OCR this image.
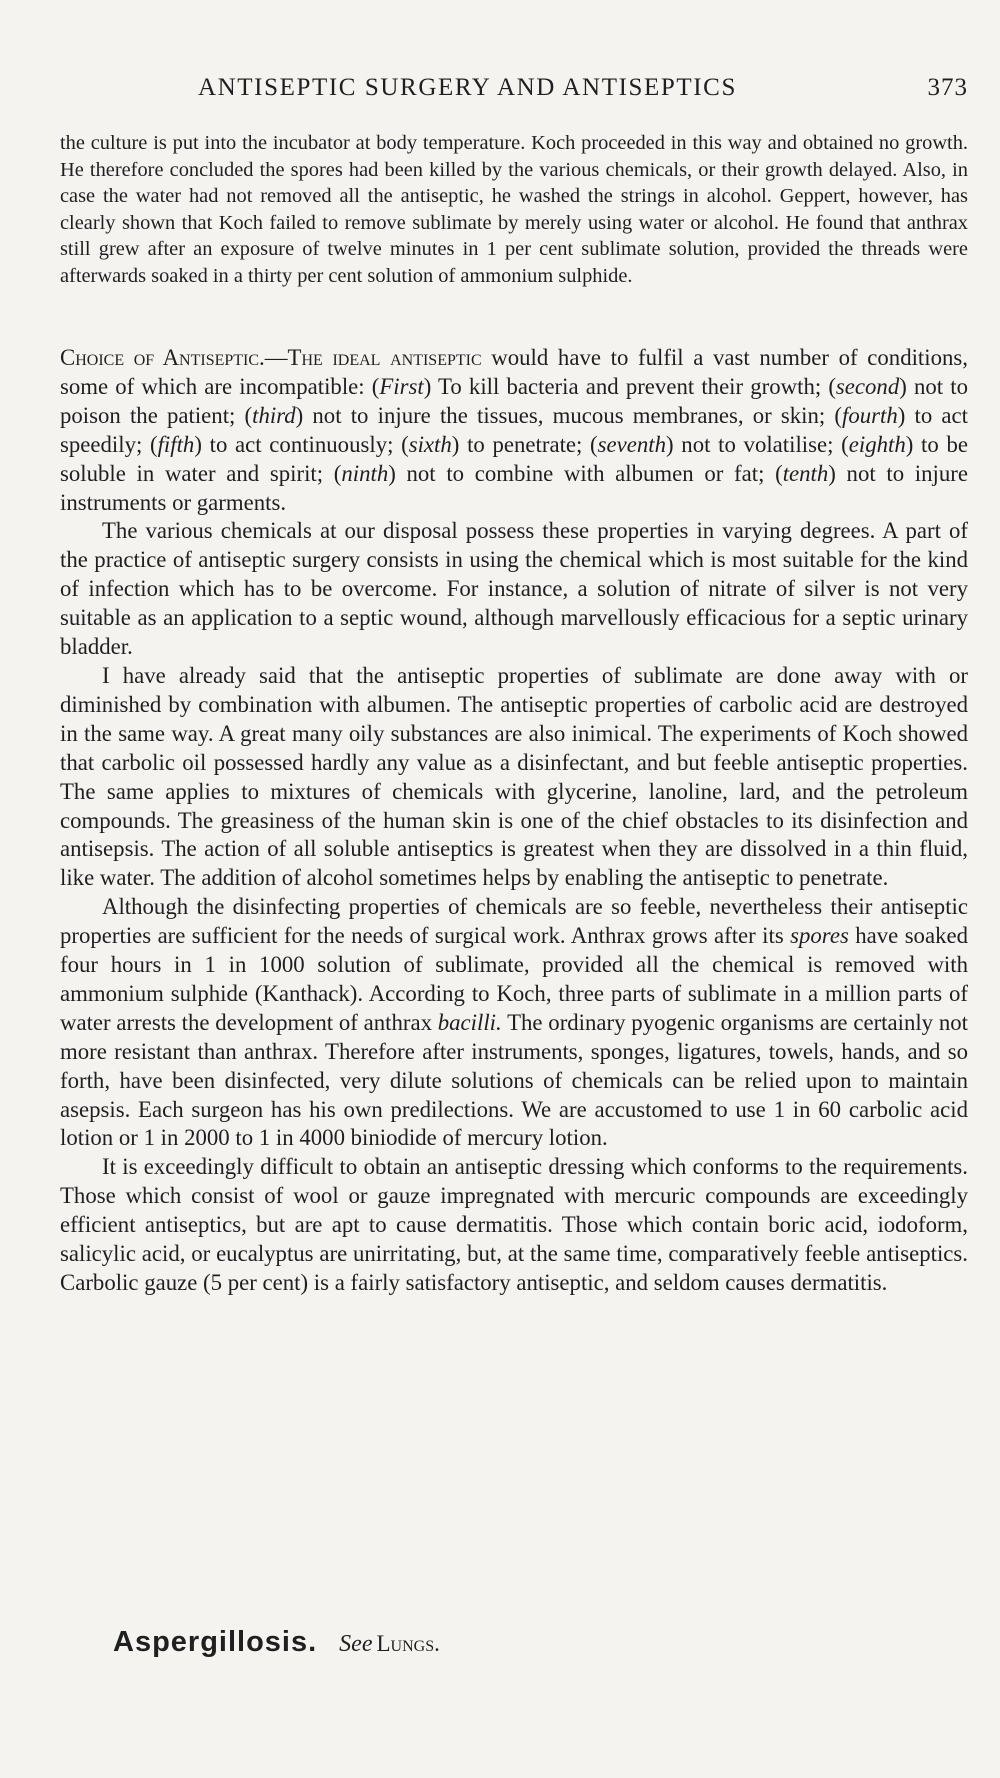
ANTISEPTIC SURGERY AND ANTISEPTICS	373

the culture is put into the incubator at body temperature. Koch proceeded in this way and obtained no growth. He therefore concluded the spores had been killed by the various chemicals, or their growth delayed. Also, in case the water had not removed all the antiseptic, he washed the strings in alcohol. Geppert, however, has clearly shown that Koch failed to remove sublimate by merely using water or alcohol. He found that anthrax still grew after an exposure of twelve minutes in 1 per cent sublimate solution, provided the threads were afterwards soaked in a thirty per cent solution of ammonium sulphide.

Choice of Antiseptic.—The ideal antiseptic would have to fulfil a vast number of conditions, some of which are incompatible: (First) To kill bacteria and prevent their growth; (second) not to poison the patient; (third) not to injure the tissues, mucous membranes, or skin; (fourth) to act speedily; (fifth) to act continuously; (sixth) to penetrate; (seventh) not to volatilise; (eighth) to be soluble in water and spirit; (ninth) not to combine with albumen or fat; (tenth) not to injure instruments or garments.

The various chemicals at our disposal possess these properties in varying degrees. A part of the practice of antiseptic surgery consists in using the chemical which is most suitable for the kind of infection which has to be overcome. For instance, a solution of nitrate of silver is not very suitable as an application to a septic wound, although marvellously efficacious for a septic urinary bladder.

I have already said that the antiseptic properties of sublimate are done away with or diminished by combination with albumen. The antiseptic properties of carbolic acid are destroyed in the same way. A great many oily substances are also inimical. The experiments of Koch showed that carbolic oil possessed hardly any value as a disinfectant, and but feeble antiseptic properties. The same applies to mixtures of chemicals with glycerine, lanoline, lard, and the petroleum compounds. The greasiness of the human skin is one of the chief obstacles to its disinfection and antisepsis. The action of all soluble antiseptics is greatest when they are dissolved in a thin fluid, like water. The addition of alcohol sometimes helps by enabling the antiseptic to penetrate.

Although the disinfecting properties of chemicals are so feeble, nevertheless their antiseptic properties are sufficient for the needs of surgical work. Anthrax grows after its spores have soaked four hours in 1 in 1000 solution of sublimate, provided all the chemical is removed with ammonium sulphide (Kanthack). According to Koch, three parts of sublimate in a million parts of water arrests the development of anthrax bacilli. The ordinary pyogenic organisms are certainly not more resistant than anthrax. Therefore after instruments, sponges, ligatures, towels, hands, and so forth, have been disinfected, very dilute solutions of chemicals can be relied upon to maintain asepsis. Each surgeon has his own predilections. We are accustomed to use 1 in 60 carbolic acid lotion or 1 in 2000 to 1 in 4000 biniodide of mercury lotion.

It is exceedingly difficult to obtain an antiseptic dressing which conforms to the requirements. Those which consist of wool or gauze impregnated with mercuric compounds are exceedingly efficient antiseptics, but are apt to cause dermatitis. Those which contain boric acid, iodoform, salicylic acid, or eucalyptus are unirritating, but, at the same time, comparatively feeble antiseptics. Carbolic gauze (5 per cent) is a fairly satisfactory antiseptic, and seldom causes dermatitis.

Aspergillosis. See Lungs.
